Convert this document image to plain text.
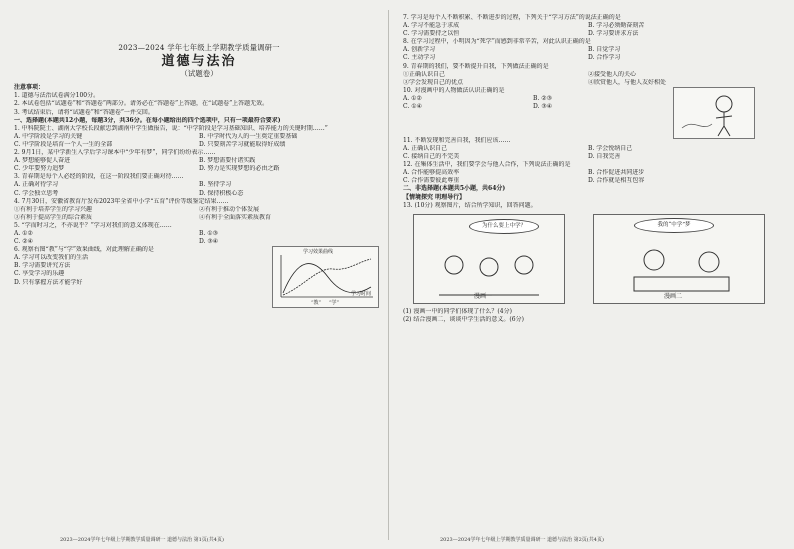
2023—2024 学年七年级上学期教学质量调研一
道德与法治
（试题卷）
注意事项：

1. 道德与法治试卷满分100分。

2. 本试卷包括“试题卷”和“答题卷”两部分。请务必在“答题卷”上答题，在“试题卷”上答题无效。

3. 考试结束后，请将“试题卷”和“答题卷”一并交回。

一、选择题(本题共12小题，每题3分，共36分。在每小题给出的四个选项中，只有一项最符合要求)

1. 中科院院士、湖南大学校长段献忠到湖南中学生做报告，说：“中学阶段是学习基础知识、培养能力的关键时期……”

A. 中学阶段是学习的关键	B. 中学时代为人的一生奠定重要基础
C. 中学阶段是培育一个人一生的全部	D. 只要刻苦学习就能取得好成绩

2. 9月1日，某中学新生入学后学习课本中“少年有梦”，同学们纷纷表示……

A. 梦想能够促人奋进	B. 梦想需要付诸实践
C. 少年要努力追梦	D. 努力是实现梦想的必由之路

3. 青春期是每个人必经的阶段，在这一阶段我们要正确对待……

A. 正确对待学习	B. 坚持学习
C. 学会独立思考	D. 保持积极心态

4. 7月30日，安徽省教育厅发布2023年全省中小学“五育”评价等级鉴定结果……

①有利于培养学生的学习兴趣	②有利于推动个体发展
③有利于提高学生的综合素质	④有利于全面落实素质教育

5. “学而时习之，不亦说乎？”学习对我们的意义体现在……

A. ①②	B. ①③
C. ②④	D. ③④

6. 观察右图“教”与“学”效果曲线，对此理解正确的是

A. 学习可以改变我们的生活

B. 学习需要讲究方法

C. 享受学习的乐趣

D. 只有掌握方法才能学好

学习效果曲线
“教” “学”
学习时间

7. 学习是每个人不断积累、不断进步的过程，下列关于“学习方法”的说法正确的是

A. 学习不能急于求成	B. 学习必须勤奋刻苦
C. 学习需要持之以恒	D. 学习要讲求方法

8. 在学习过程中，小明因为“死学”而感到非常辛苦，对此认识正确的是

A. 创新学习	B. 自觉学习
C. 主动学习	D. 合作学习

9. 青春期的我们，要不断提升自我，下列做法正确的是

①正确认识自己	②接受他人的关心
③学会发现自己的优点	④欣赏他人，与他人友好相处

10. 对漫画中的人物做法认识正确的是

A. ①②	B. ②③
C. ①④	D. ③④

11. 不断发现和完善自我，我们应该……

A. 正确认识自己	B. 学会悦纳自己
C. 接纳自己的不完美	D. 自我完善

12. 在集体生活中，我们要学会与他人合作，下列说法正确的是

A. 合作能够提高效率	B. 合作促进共同进步
C. 合作需要彼此尊重	D. 合作就是相互包容
二、非选择题(本题共5小题，共64分)
【情境探究 明理导行】

13. (10分) 观察图片，结合所学知识，回答问题。

为什么要上中学？
漫画一
我的“中学”梦
漫画二

(1) 漫画一中的同学们体现了什么？(4分)

(2) 结合漫画二，谈谈中学生活的意义。(6分)

2023—2024学年七年级上学期教学质量调研一 道德与法治 第1页(共4页)	2023—2024学年七年级上学期教学质量调研一 道德与法治 第2页(共4页)
